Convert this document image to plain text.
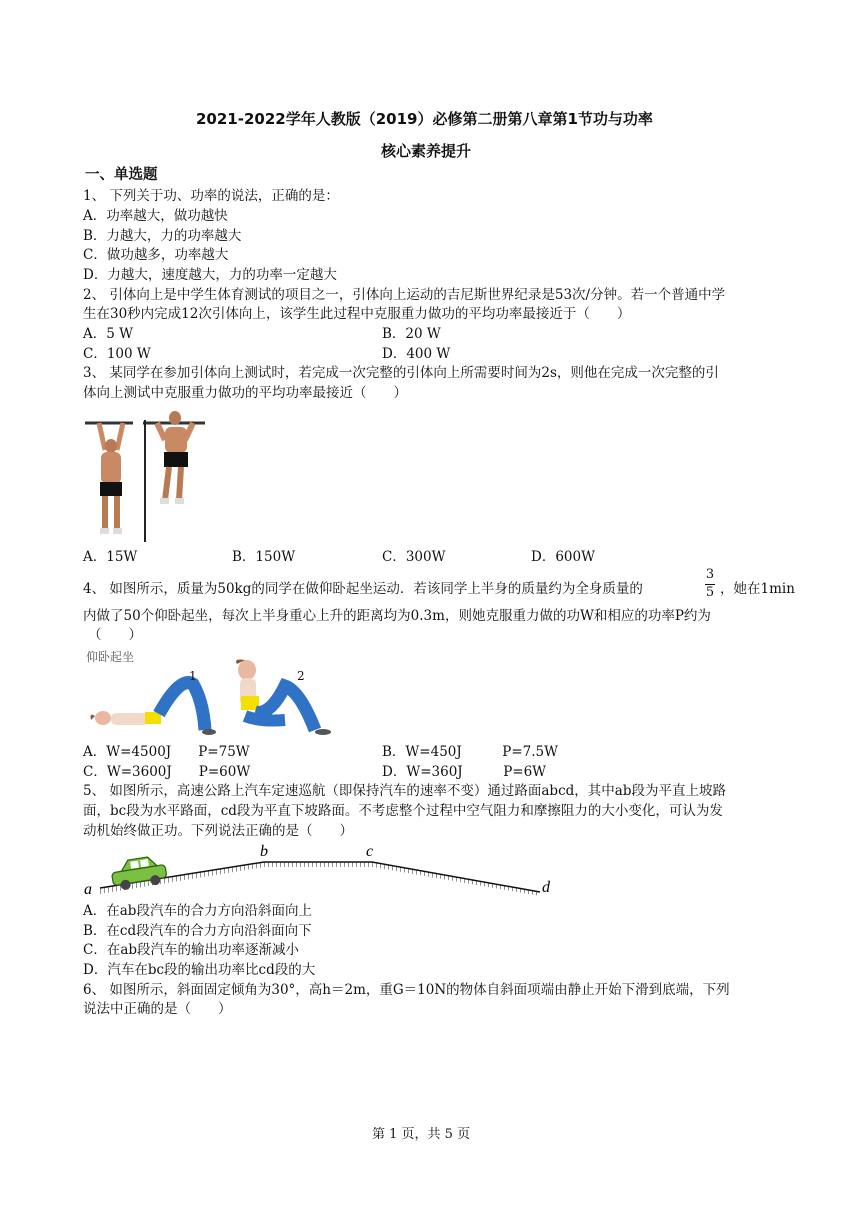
2021-2022学年人教版（2019）必修第二册第八章第1节功与功率
核心素养提升
一、单选题
1、 下列关于功、功率的说法，正确的是：
A．功率越大，做功越快
B．力越大，力的功率越大
C．做功越多，功率越大
D．力越大，速度越大，力的功率一定越大
2、 引体向上是中学生体育测试的项目之一，引体向上运动的吉尼斯世界纪录是53次/分钟。若一个普通中学
生在30秒内完成12次引体向上，该学生此过程中克服重力做功的平均功率最接近于（　　）
A．5 W	B．20 W
C．100 W	D．400 W
3、 某同学在参加引体向上测试时，若完成一次完整的引体向上所需要时间为2s，则他在完成一次完整的引
体向上测试中克服重力做功的平均功率最接近（　　）
A．15W	B．150W	C．300W	D．600W
4、 如图所示，质量为50kg的同学在做仰卧起坐运动．若该同学上半身的质量约为全身质量的
3
5 ，她在1min
内做了50个仰卧起坐，每次上半身重心上升的距离均为0.3m，则她克服重力做的功W和相应的功率P约为
（　　）
仰卧起坐
1	2
A．W=4500J　　P=75W	B．W=450J　　　P=7.5W
C．W=3600J　　P=60W	D．W=360J　　　P=6W
5、 如图所示，高速公路上汽车定速巡航（即保持汽车的速率不变）通过路面abcd，其中ab段为平直上坡路
面，bc段为水平路面，cd段为平直下坡路面。不考虑整个过程中空气阻力和摩擦阻力的大小变化，可认为发
动机始终做正功。下列说法正确的是（　　）
a
b	c
d
A．在ab段汽车的合力方向沿斜面向上
B．在cd段汽车的合力方向沿斜面向下
C．在ab段汽车的输出功率逐渐减小
D．汽车在bc段的输出功率比cd段的大
6、 如图所示，斜面固定倾角为30°，高h＝2m，重G＝10N的物体自斜面项端由静止开始下滑到底端，下列
说法中正确的是（　　）
第 1 页，共 5 页
